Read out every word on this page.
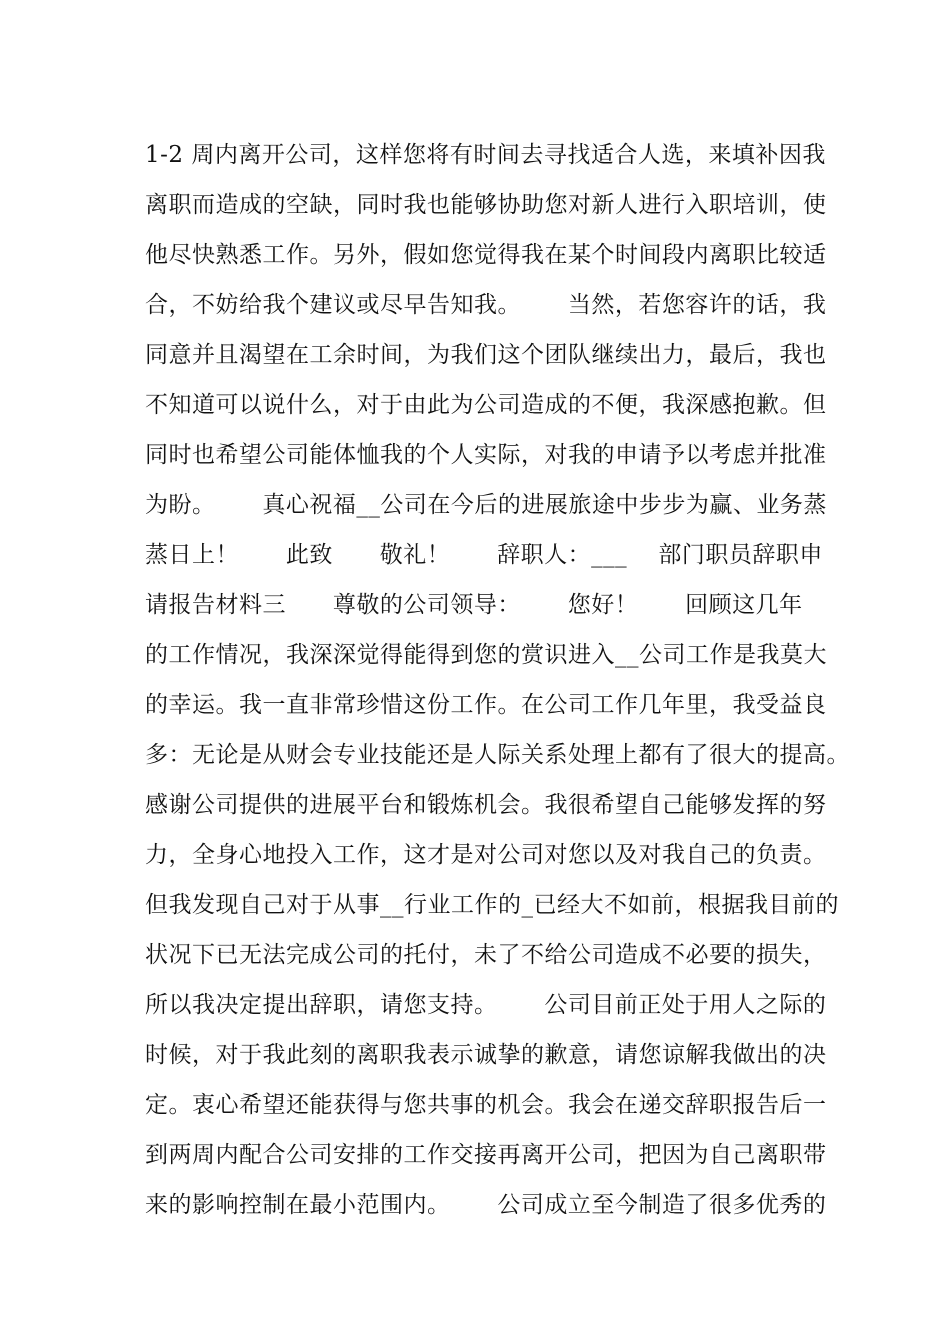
1-2 周内离开公司，这样您将有时间去寻找适合人选，来填补因我
离职而造成的空缺，同时我也能够协助您对新人进行入职培训，使
他尽快熟悉工作。另外，假如您觉得我在某个时间段内离职比较适
合，不妨给我个建议或尽早告知我。      当然，若您容许的话，我
同意并且渴望在工余时间，为我们这个团队继续出力，最后，我也
不知道可以说什么，对于由此为公司造成的不便，我深感抱歉。但
同时也希望公司能体恤我的个人实际，对我的申请予以考虑并批准
为盼。      真心祝福__公司在今后的进展旅途中步步为赢、业务蒸
蒸日上！      此致      敬礼！      辞职人：___    部门职员辞职申
请报告材料三      尊敬的公司领导：      您好！      回顾这几年
的工作情况，我深深觉得能得到您的赏识进入__公司工作是我莫大
的幸运。我一直非常珍惜这份工作。在公司工作几年里，我受益良
多：无论是从财会专业技能还是人际关系处理上都有了很大的提高。
感谢公司提供的进展平台和锻炼机会。我很希望自己能够发挥的努
力，全身心地投入工作，这才是对公司对您以及对我自己的负责。
但我发现自己对于从事__行业工作的_已经大不如前，根据我目前的
状况下已无法完成公司的托付，未了不给公司造成不必要的损失，
所以我决定提出辞职，请您支持。      公司目前正处于用人之际的
时候，对于我此刻的离职我表示诚挚的歉意，请您谅解我做出的决
定。衷心希望还能获得与您共事的机会。我会在递交辞职报告后一
到两周内配合公司安排的工作交接再离开公司，把因为自己离职带
来的影响控制在最小范围内。      公司成立至今制造了很多优秀的
